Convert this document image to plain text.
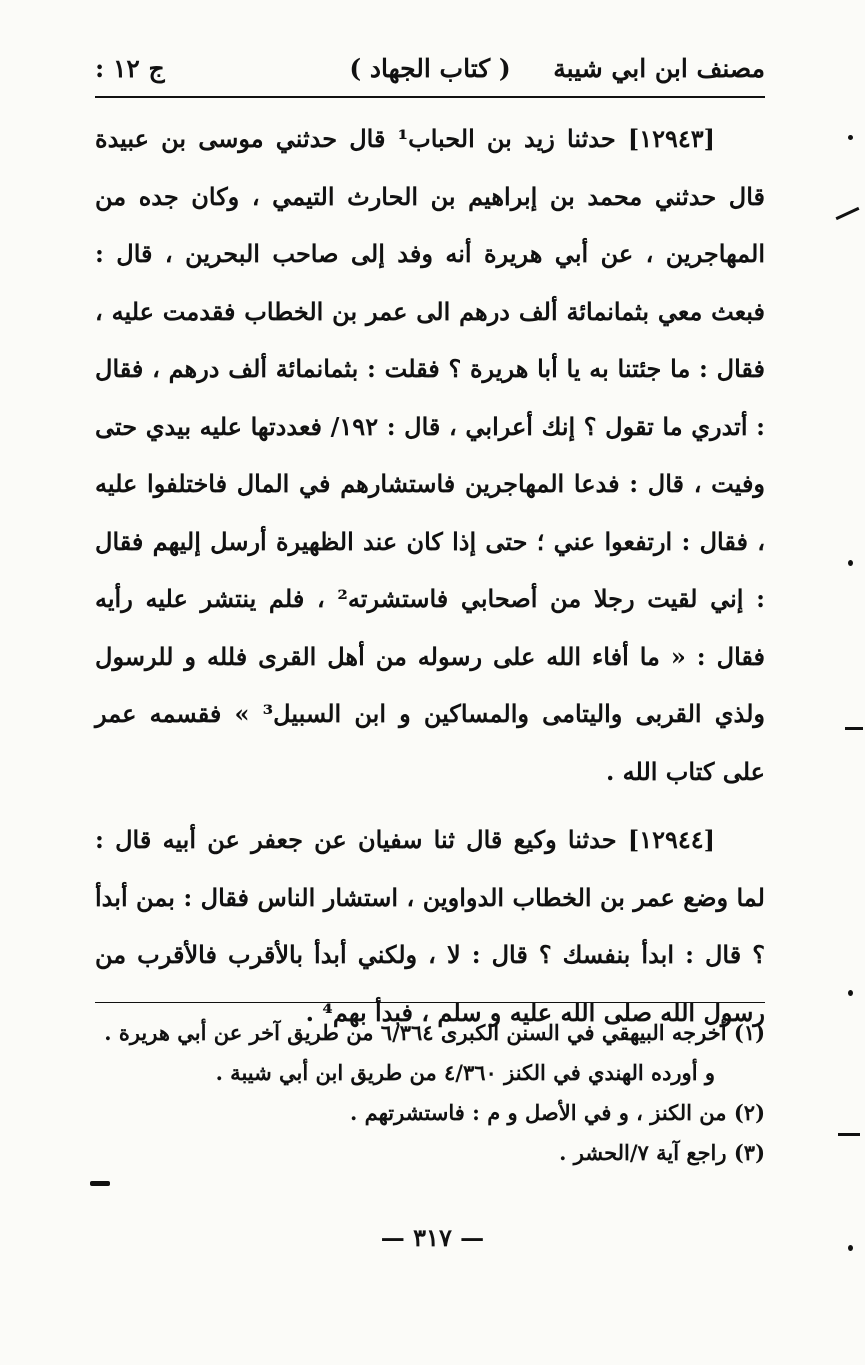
مصنف ابن ابي شيبة
( كتاب الجهاد )
ج ۱۲ :

[۱۲۹٤۳] حدثنا زيد بن الحباب¹ قال حدثني موسى بن عبيدة قال حدثني محمد بن إبراهيم بن الحارث التيمي ، وكان جده من المهاجرين ، عن أبي هريرة أنه وفد إلى صاحب البحرين ، قال : فبعث معي بثمانمائة ألف درهم الى عمر بن الخطاب فقدمت عليه ، فقال : ما جئتنا به يا أبا هريرة ؟ فقلت : بثمانمائة ألف درهم ، فقال : أتدري ما تقول ؟ إنك أعرابي ، قال : ۱۹۲/ فعددتها عليه بيدي حتى وفيت ، قال : فدعا المهاجرين فاستشارهم في المال فاختلفوا عليه ، فقال : ارتفعوا عني ؛ حتى إذا كان عند الظهيرة أرسل إليهم فقال : إني لقيت رجلا من أصحابي فاستشرته² ، فلم ينتشر عليه رأيه فقال : « ما أفاء الله على رسوله من أهل القرى فلله و للرسول ولذي القربى واليتامى والمساكين و ابن السبيل³ » فقسمه عمر على كتاب الله .

[۱۲۹٤٤] حدثنا وكيع قال ثنا سفيان عن جعفر عن أبيه قال : لما وضع عمر بن الخطاب الدواوين ، استشار الناس فقال : بمن أبدأ ؟ قال : ابدأ بنفسك ؟ قال : لا ، ولكني أبدأ بالأقرب فالأقرب من رسول الله صلى الله عليه و سلم ، فبدأ بهم⁴ .

(۱) أخرجه البيهقي في السنن الكبرى ٦/٣٦٤ من طريق آخر عن أبي هريرة .

و أورده الهندي في الكنز ٤/٣٦٠ من طريق ابن أبي شيبة .

(۲) من الكنز ، و في الأصل و م : فاستشرتهم .

(۳) راجع آية ٧/الحشر .

— ٣١٧ —
